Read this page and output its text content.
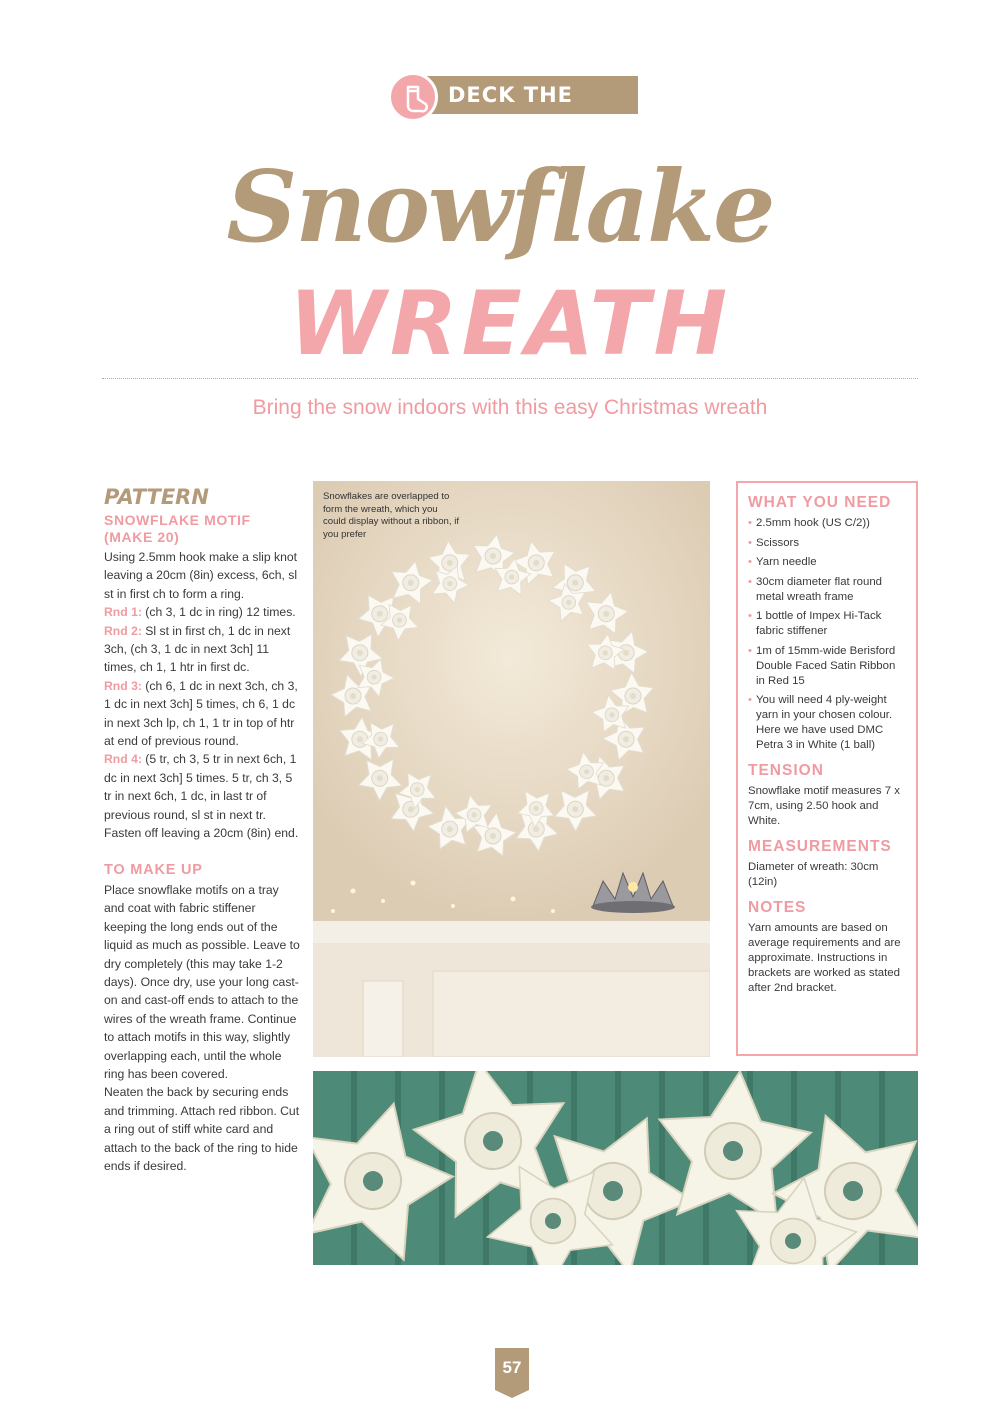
DECK THE HALLS
Snowflake
WREATH
Bring the snow indoors with this easy Christmas wreath
PATTERN
SNOWFLAKE MOTIF (MAKE 20)

Using 2.5mm hook make a slip knot leaving a 20cm (8in) excess, 6ch, sl st in first ch to form a ring.

Rnd 1: (ch 3, 1 dc in ring) 12 times.

Rnd 2: Sl st in first ch, 1 dc in next 3ch, (ch 3, 1 dc in next 3ch] 11 times, ch 1, 1 htr in first dc.

Rnd 3: (ch 6, 1 dc in next 3ch, ch 3, 1 dc in next 3ch] 5 times, ch 6, 1 dc in next 3ch lp, ch 1, 1 tr in top of htr at end of previous round.

Rnd 4: (5 tr, ch 3, 5 tr in next 6ch, 1 dc in next 3ch] 5 times. 5 tr, ch 3, 5 tr in next 6ch, 1 dc, in last tr of previous round, sl st in next tr. Fasten off leaving a 20cm (8in) end.

TO MAKE UP

Place snowflake motifs on a tray and coat with fabric stiffener keeping the long ends out of the liquid as much as possible. Leave to dry completely (this may take 1-2 days). Once dry, use your long cast-on and cast-off ends to attach to the wires of the wreath frame. Continue to attach motifs in this way, slightly overlapping each, until the whole ring has been covered.

Neaten the back by securing ends and trimming. Attach red ribbon. Cut a ring out of stiff white card and attach to the back of the ring to hide ends if desired.

Snowflakes are overlapped to form the wreath, which you could display without a ribbon, if you prefer
WHAT YOU NEED
• 2.5mm hook (US C/2))
• Scissors
• Yarn needle
• 30cm diameter flat round metal wreath frame
• 1 bottle of Impex Hi-Tack fabric stiffener
• 1m of 15mm-wide Berisford Double Faced Satin Ribbon in Red 15
• You will need 4 ply-weight yarn in your chosen colour. Here we have used DMC Petra 3 in White (1 ball)
TENSION

Snowflake motif measures 7 x 7cm, using 2.50 hook and White.

MEASUREMENTS

Diameter of wreath: 30cm (12in)

NOTES

Yarn amounts are based on average requirements and are approximate. Instructions in brackets are worked as stated after 2nd bracket.

57
